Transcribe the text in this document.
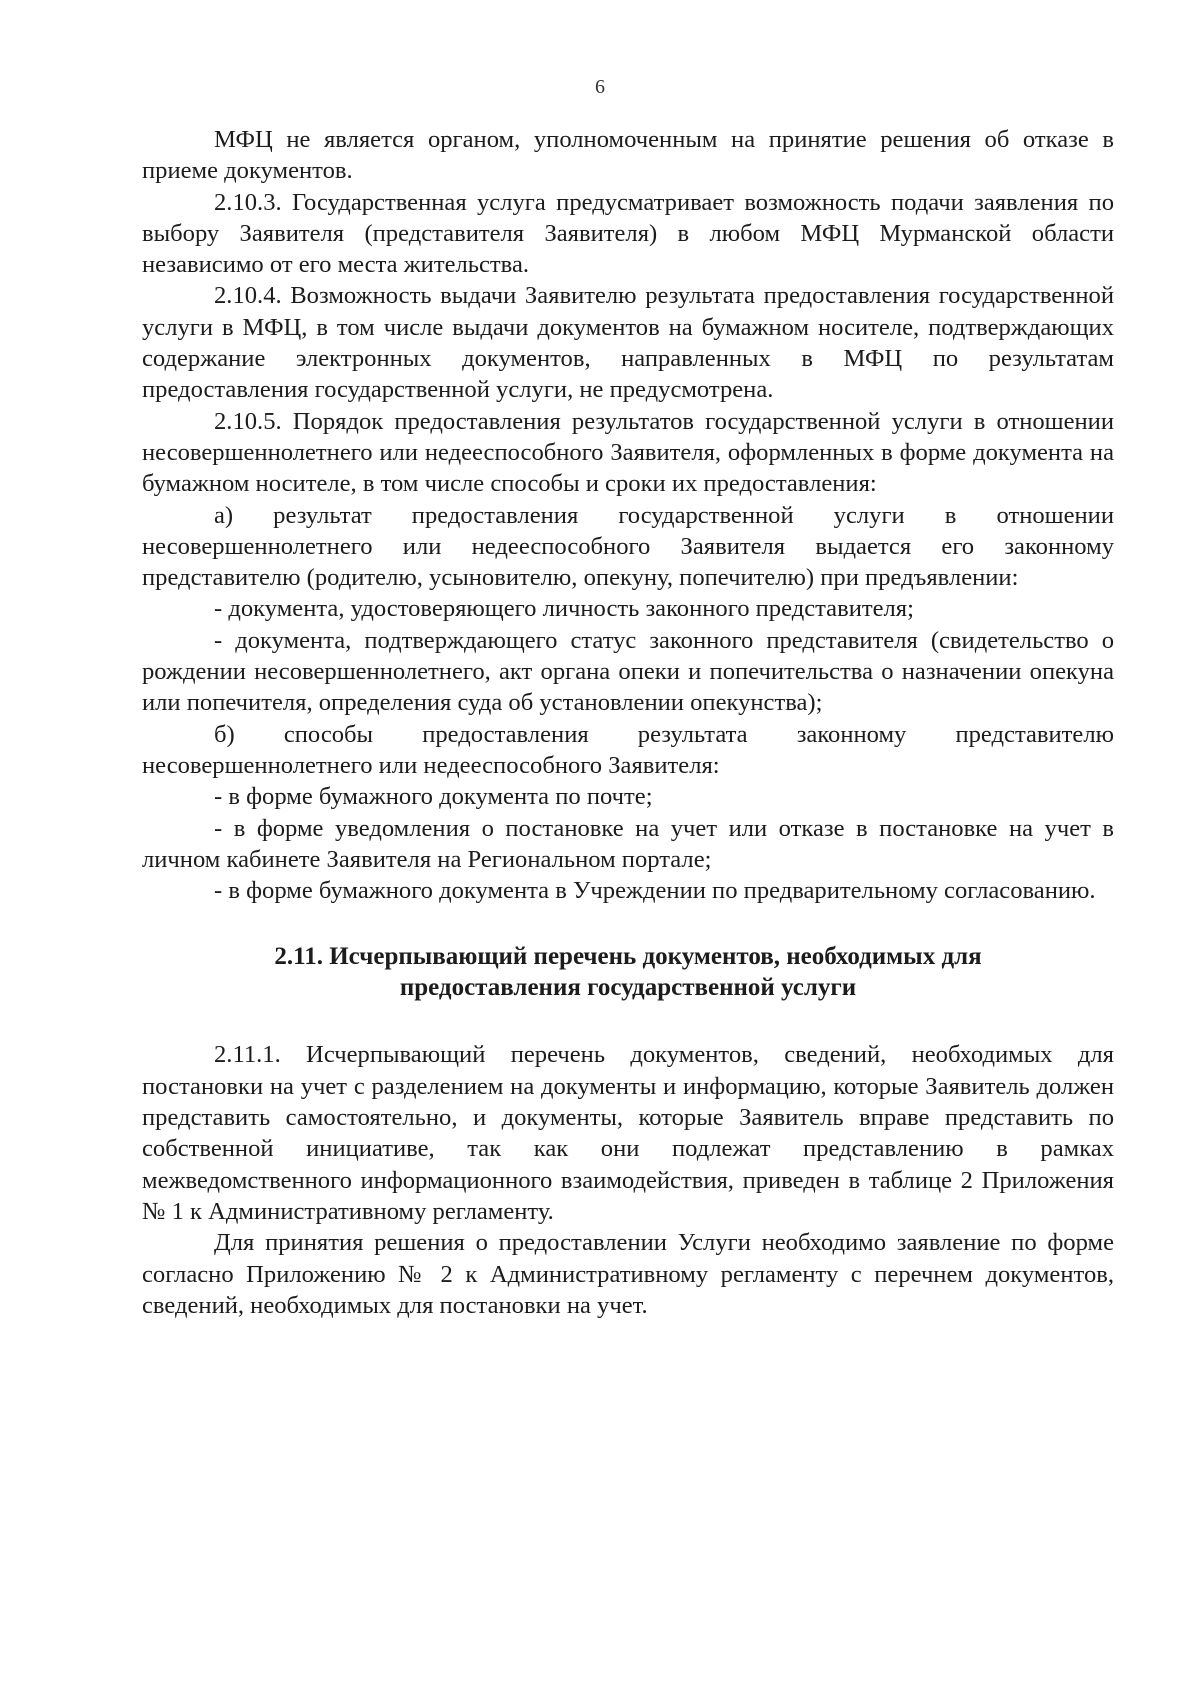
6

МФЦ не является органом, уполномоченным на принятие решения об отказе в приеме документов.

2.10.3. Государственная услуга предусматривает возможность подачи заявления по выбору Заявителя (представителя Заявителя) в любом МФЦ Мурманской области независимо от его места жительства.

2.10.4. Возможность выдачи Заявителю результата предоставления государственной услуги в МФЦ, в том числе выдачи документов на бумажном носителе, подтверждающих содержание электронных документов, направленных в МФЦ по результатам предоставления государственной услуги, не предусмотрена.

2.10.5. Порядок предоставления результатов государственной услуги в отношении несовершеннолетнего или недееспособного Заявителя, оформленных в форме документа на бумажном носителе, в том числе способы и сроки их предоставления:

а) результат предоставления государственной услуги в отношении несовершеннолетнего или недееспособного Заявителя выдается его законному представителю (родителю, усыновителю, опекуну, попечителю) при предъявлении:

- документа, удостоверяющего личность законного представителя;

- документа, подтверждающего статус законного представителя (свидетельство о рождении несовершеннолетнего, акт органа опеки и попечительства о назначении опекуна или попечителя, определения суда об установлении опекунства);

б) способы предоставления результата законному представителю несовершеннолетнего или недееспособного Заявителя:

- в форме бумажного документа по почте;

- в форме уведомления о постановке на учет или отказе в постановке на учет в личном кабинете Заявителя на Региональном портале;

- в форме бумажного документа в Учреждении по предварительному согласованию.

2.11. Исчерпывающий перечень документов, необходимых для
предоставления государственной услуги

2.11.1. Исчерпывающий перечень документов, сведений, необходимых для постановки на учет с разделением на документы и информацию, которые Заявитель должен представить самостоятельно, и документы, которые Заявитель вправе представить по собственной инициативе, так как они подлежат представлению в рамках межведомственного информационного взаимодействия, приведен в таблице 2 Приложения № 1 к Административному регламенту.

Для принятия решения о предоставлении Услуги необходимо заявление по форме согласно Приложению № 2 к Административному регламенту с перечнем документов, сведений, необходимых для постановки на учет.
